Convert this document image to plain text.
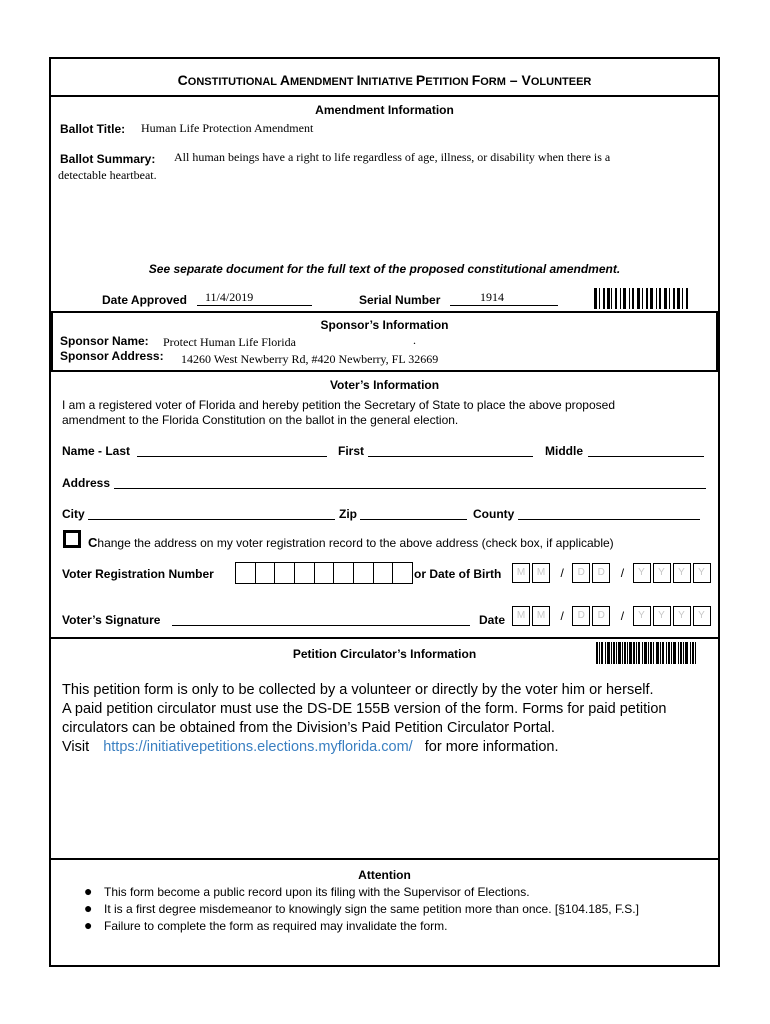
CONSTITUTIONAL AMENDMENT INITIATIVE PETITION FORM – VOLUNTEER
Amendment Information
Ballot Title: Human Life Protection Amendment
Ballot Summary: All human beings have a right to life regardless of age, illness, or disability when there is a
detectable heartbeat.
See separate document for the full text of the proposed constitutional amendment.
Date Approved 11/4/2019	Serial Number	1914
Sponsor’s Information
Sponsor Name: Protect Human Life Florida	.
Sponsor Address: 14260 West Newberry Rd, #420 Newberry, FL 32669
Voter’s Information
I am a registered voter of Florida and hereby petition the Secretary of State to place the above proposed
amendment to the Florida Constitution on the ballot in the general election.
Name - Last	First	Middle
Address
City	Zip	County
Change the address on my voter registration record to the above address (check box, if applicable)
Voter Registration Number	or Date of Birth	M M / D D / Y Y Y Y
Voter’s Signature	Date	M M / D D / Y Y Y Y
Petition Circulator’s Information
This petition form is only to be collected by a volunteer or directly by the voter him or herself.
A paid petition circulator must use the DS-DE 155B version of the form. Forms for paid petition
circulators can be obtained from the Division’s Paid Petition Circulator Portal.
Visit https://initiativepetitions.elections.myflorida.com/ for more information.
Attention
● This form become a public record upon its filing with the Supervisor of Elections.
● It is a first degree misdemeanor to knowingly sign the same petition more than once. [§104.185, F.S.]
● Failure to complete the form as required may invalidate the form.
